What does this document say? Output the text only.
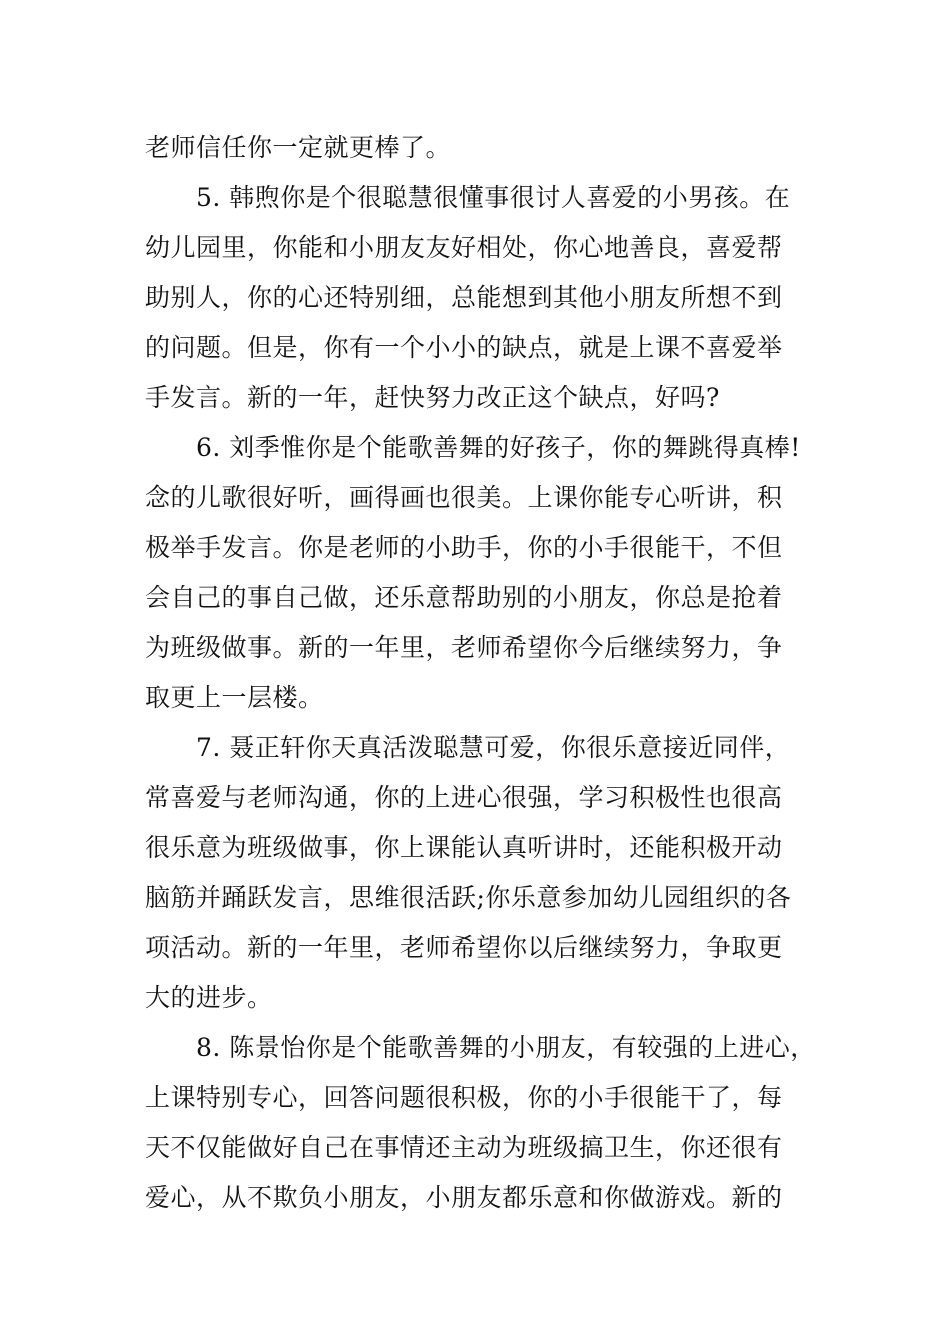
老师信任你一定就更棒了。
5. 韩煦你是个很聪慧很懂事很讨人喜爱的小男孩。在
幼儿园里，你能和小朋友友好相处，你心地善良，喜爱帮
助别人，你的心还特别细，总能想到其他小朋友所想不到
的问题。但是，你有一个小小的缺点，就是上课不喜爱举
手发言。新的一年，赶快努力改正这个缺点，好吗?
6. 刘季惟你是个能歌善舞的好孩子，你的舞跳得真棒!
念的儿歌很好听，画得画也很美。上课你能专心听讲，积
极举手发言。你是老师的小助手，你的小手很能干，不但
会自己的事自己做，还乐意帮助别的小朋友，你总是抢着
为班级做事。新的一年里，老师希望你今后继续努力，争
取更上一层楼。
7. 聂正轩你天真活泼聪慧可爱，你很乐意接近同伴，
常喜爱与老师沟通，你的上进心很强，学习积极性也很高
很乐意为班级做事，你上课能认真听讲时，还能积极开动
脑筋并踊跃发言，思维很活跃;你乐意参加幼儿园组织的各
项活动。新的一年里，老师希望你以后继续努力，争取更
大的进步。
8. 陈景怡你是个能歌善舞的小朋友，有较强的上进心，
上课特别专心，回答问题很积极，你的小手很能干了，每
天不仅能做好自己在事情还主动为班级搞卫生，你还很有
爱心，从不欺负小朋友，小朋友都乐意和你做游戏。新的
